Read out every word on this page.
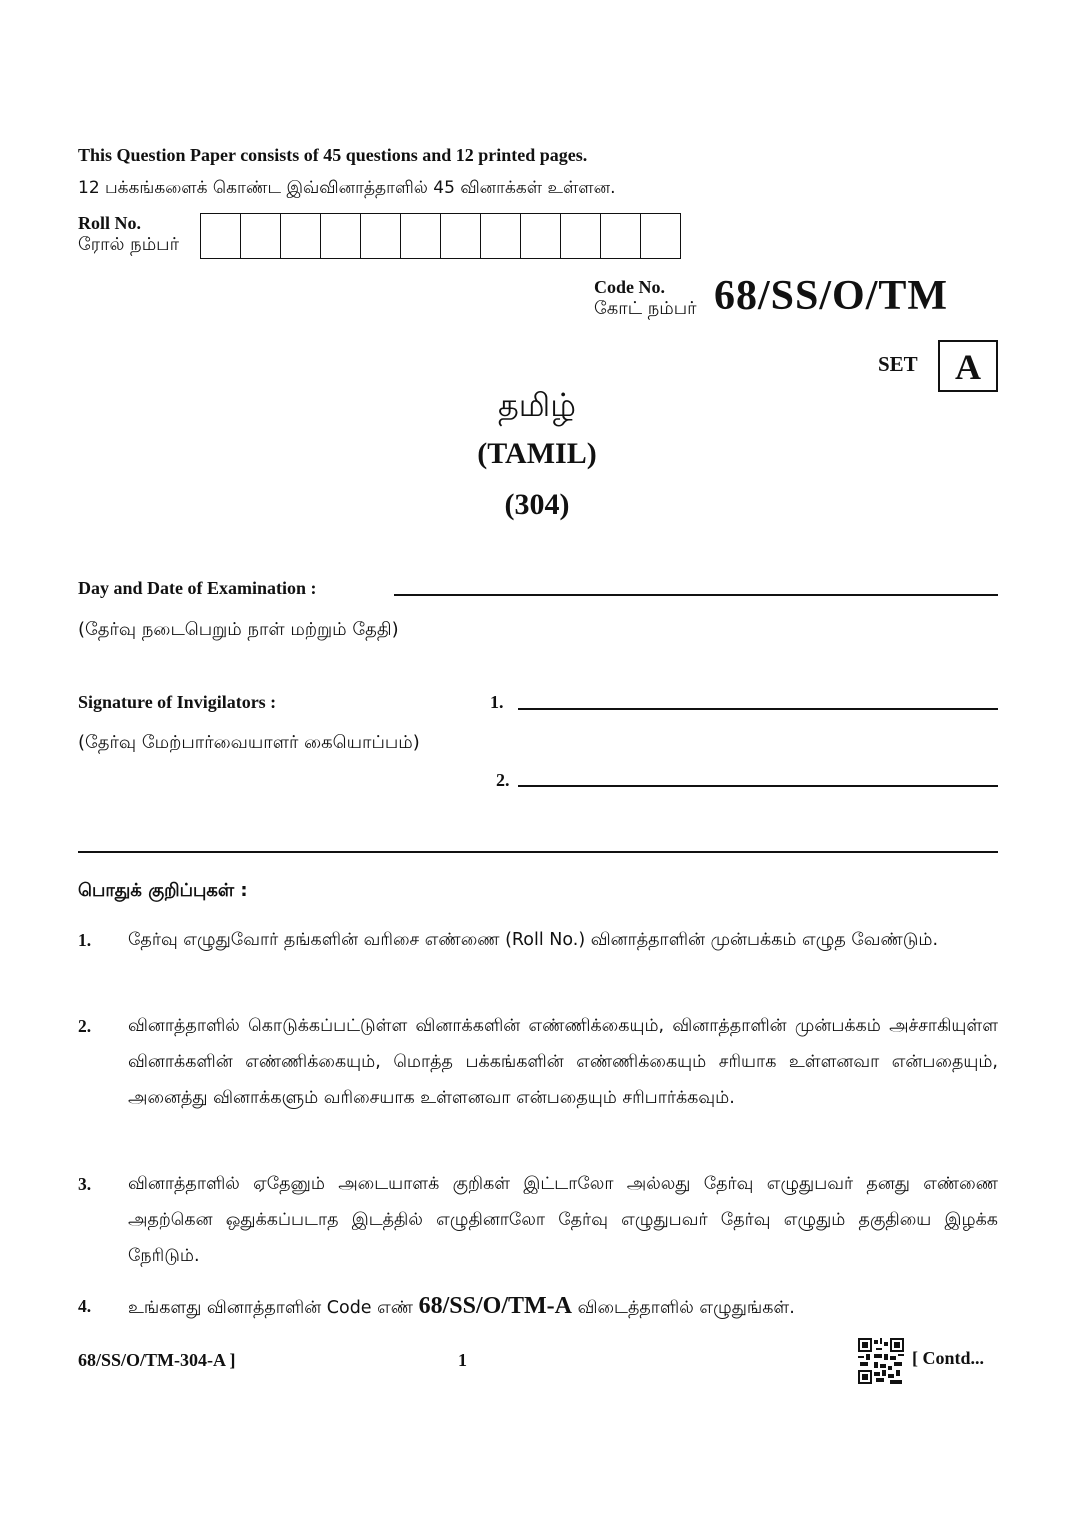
This Question Paper consists of 45 questions and 12 printed pages.
12 பக்கங்களைக் கொண்ட இவ்வினாத்தாளில் 45 வினாக்கள் உள்ளன.
Roll No.
ரோல் நம்பர்
Code No.
கோட் நம்பர் 68/SS/O/TM
SET	A
தமிழ்
(TAMIL)
(304)
Day and Date of Examination :
(தேர்வு நடைபெறும் நாள் மற்றும் தேதி)
Signature of Invigilators :	1.
(தேர்வு மேற்பார்வையாளர் கையொப்பம்)
2.
பொதுக் குறிப்புகள் :
1.	தேர்வு எழுதுவோர் தங்களின் வரிசை எண்ணை (Roll No.) வினாத்தாளின் முன்பக்கம் எழுத வேண்டும்.
2.	வினாத்தாளில் கொடுக்கப்பட்டுள்ள வினாக்களின் எண்ணிக்கையும், வினாத்தாளின் முன்பக்கம் அச்சாகியுள்ள வினாக்களின் எண்ணிக்கையும், மொத்த பக்கங்களின் எண்ணிக்கையும் சரியாக உள்ளனவா என்பதையும், அனைத்து வினாக்களும் வரிசையாக உள்ளனவா என்பதையும் சரிபார்க்கவும்.
3.	வினாத்தாளில் ஏதேனும் அடையாளக் குறிகள் இட்டாலோ அல்லது தேர்வு எழுதுபவர் தனது எண்ணை அதற்கென ஒதுக்கப்படாத இடத்தில் எழுதினாலோ தேர்வு எழுதுபவர் தேர்வு எழுதும் தகுதியை இழக்க நேரிடும்.
4.	உங்களது வினாத்தாளின் Code எண் 68/SS/O/TM-A விடைத்தாளில் எழுதுங்கள்.
68/SS/O/TM-304-A ]	1	[ Contd...
